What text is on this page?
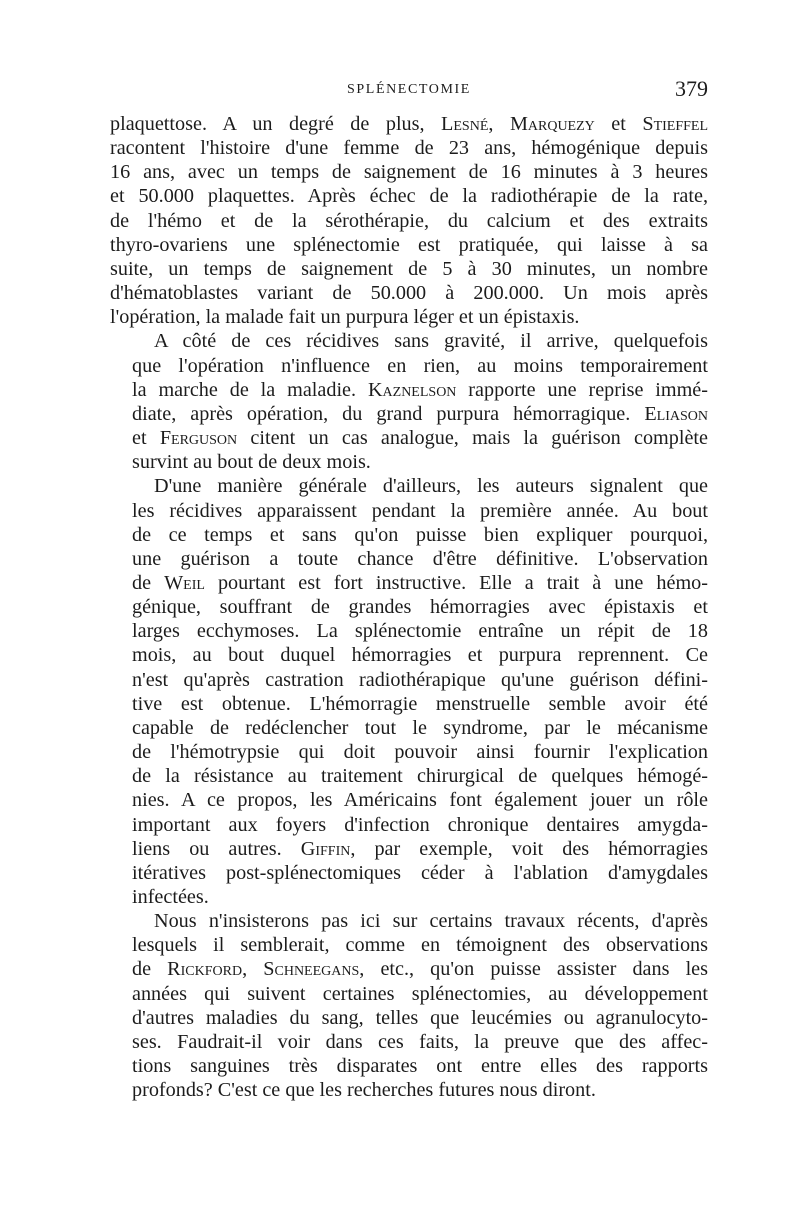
SPLÉNECTOMIE	379
plaquettose. A un degré de plus, Lesné, Marquezy et Stieffel
racontent l'histoire d'une femme de 23 ans, hémogénique depuis
16 ans, avec un temps de saignement de 16 minutes à 3 heures
et 50.000 plaquettes. Après échec de la radiothérapie de la rate,
de l'hémo et de la sérothérapie, du calcium et des extraits
thyro-ovariens une splénectomie est pratiquée, qui laisse à sa
suite, un temps de saignement de 5 à 30 minutes, un nombre
d'hématoblastes variant de 50.000 à 200.000. Un mois après
l'opération, la malade fait un purpura léger et un épistaxis.
A côté de ces récidives sans gravité, il arrive, quelquefois
que l'opération n'influence en rien, au moins temporairement
la marche de la maladie. Kaznelson rapporte une reprise immé-
diate, après opération, du grand purpura hémorragique. Eliason
et Ferguson citent un cas analogue, mais la guérison complète
survint au bout de deux mois.
D'une manière générale d'ailleurs, les auteurs signalent que
les récidives apparaissent pendant la première année. Au bout
de ce temps et sans qu'on puisse bien expliquer pourquoi,
une guérison a toute chance d'être définitive. L'observation
de Weil pourtant est fort instructive. Elle a trait à une hémo-
génique, souffrant de grandes hémorragies avec épistaxis et
larges ecchymoses. La splénectomie entraîne un répit de 18
mois, au bout duquel hémorragies et purpura reprennent. Ce
n'est qu'après castration radiothérapique qu'une guérison défini-
tive est obtenue. L'hémorragie menstruelle semble avoir été
capable de redéclencher tout le syndrome, par le mécanisme
de l'hémotrypsie qui doit pouvoir ainsi fournir l'explication
de la résistance au traitement chirurgical de quelques hémogé-
nies. A ce propos, les Américains font également jouer un rôle
important aux foyers d'infection chronique dentaires amygda-
liens ou autres. Giffin, par exemple, voit des hémorragies
itératives post-splénectomiques céder à l'ablation d'amygdales
infectées.
Nous n'insisterons pas ici sur certains travaux récents, d'après
lesquels il semblerait, comme en témoignent des observations
de Rickford, Schneegans, etc., qu'on puisse assister dans les
années qui suivent certaines splénectomies, au développement
d'autres maladies du sang, telles que leucémies ou agranulocyto-
ses. Faudrait-il voir dans ces faits, la preuve que des affec-
tions sanguines très disparates ont entre elles des rapports
profonds? C'est ce que les recherches futures nous diront.
